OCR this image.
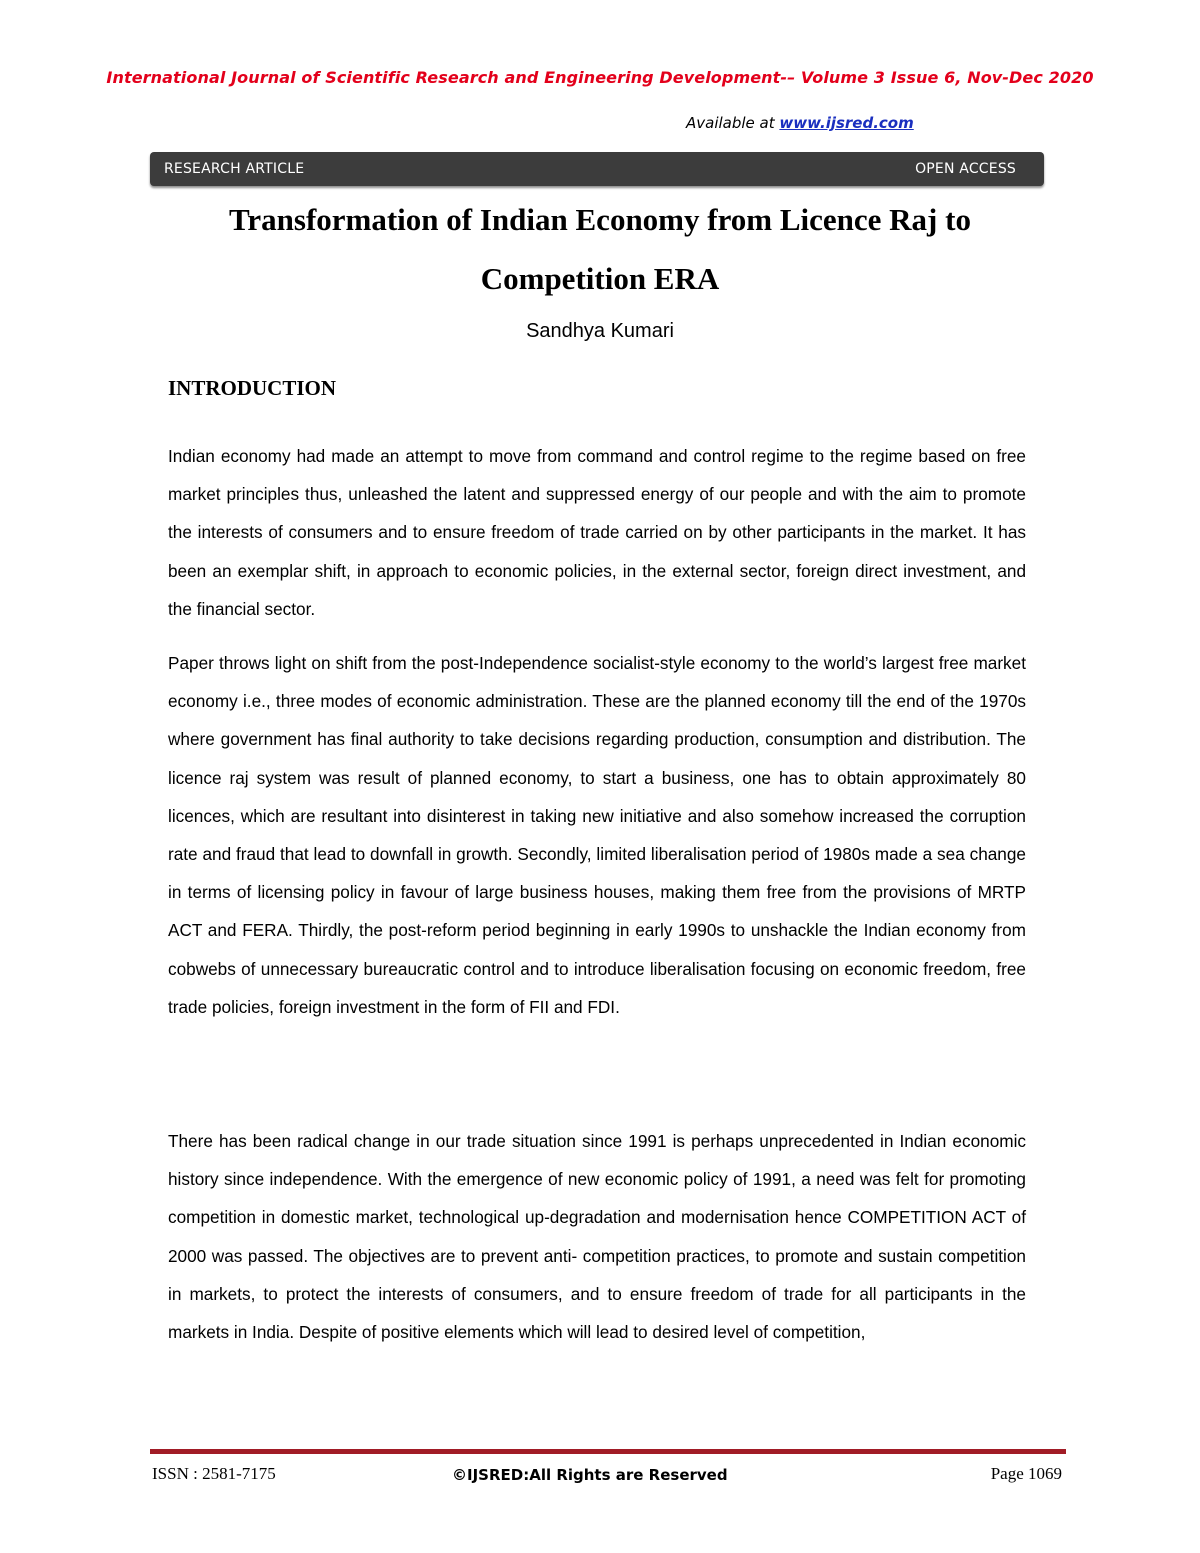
International Journal of Scientific Research and Engineering Development-– Volume 3 Issue 6, Nov-Dec 2020
Available at www.ijsred.com
RESEARCH ARTICLE	OPEN ACCESS
Transformation of Indian Economy from Licence Raj to
Competition ERA
Sandhya Kumari
INTRODUCTION

Indian economy had made an attempt to move from command and control regime to the regime based on free market principles thus, unleashed the latent and suppressed energy of our people and with the aim to promote the interests of consumers and to ensure freedom of trade carried on by other participants in the market. It has been an exemplar shift, in approach to economic policies, in the external sector, foreign direct investment, and the financial sector.

Paper throws light on shift from the post-Independence socialist-style economy to the world’s largest free market economy i.e., three modes of economic administration. These are the planned economy till the end of the 1970s where government has final authority to take decisions regarding production, consumption and distribution. The licence raj system was result of planned economy, to start a business, one has to obtain approximately 80 licences, which are resultant into disinterest in taking new initiative and also somehow increased the corruption rate and fraud that lead to downfall in growth. Secondly, limited liberalisation period of 1980s made a sea change in terms of licensing policy in favour of large business houses, making them free from the provisions of MRTP ACT and FERA. Thirdly, the post-reform period beginning in early 1990s to unshackle the Indian economy from cobwebs of unnecessary bureaucratic control and to introduce liberalisation focusing on economic freedom, free trade policies, foreign investment in the form of FII and FDI.

There has been radical change in our trade situation since 1991 is perhaps unprecedented in Indian economic history since independence. With the emergence of new economic policy of 1991, a need was felt for promoting competition in domestic market, technological up-degradation and modernisation hence COMPETITION ACT of 2000 was passed. The objectives are to prevent anti- competition practices, to promote and sustain competition in markets, to protect the interests of consumers, and to ensure freedom of trade for all participants in the markets in India. Despite of positive elements which will lead to desired level of competition,

ISSN : 2581-7175	©IJSRED:All Rights are Reserved	Page 1069
